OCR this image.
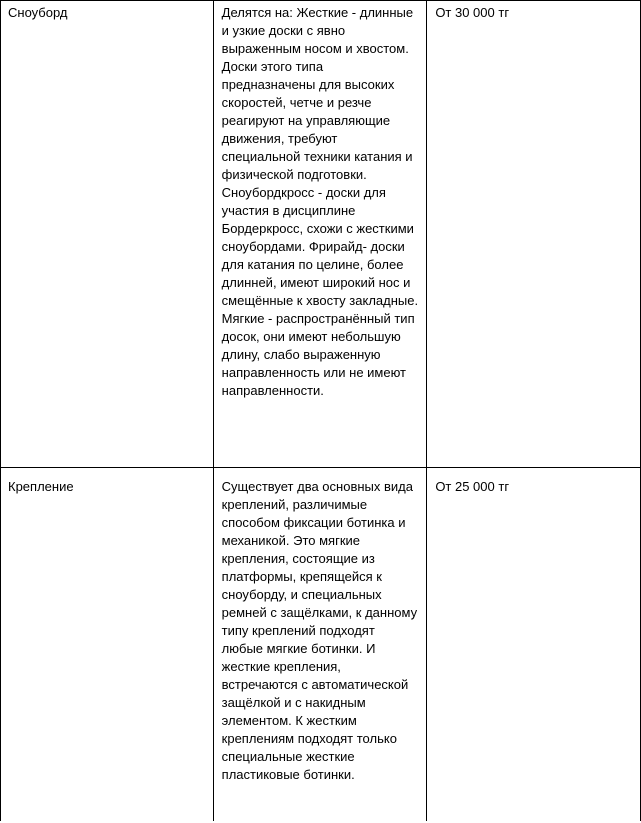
Сноуборд	Делятся на: Жесткие - длинные и узкие доски с явно выраженным носом и хвостом. Доски этого типа предназначены для высоких скоростей, четче и резче реагируют на управляющие движения, требуют специальной техники катания и физической подготовки. Сноубордкросс - доски для участия в дисциплине Бордеркросс, схожи с жесткими сноубордами. Фрирайд- доски для катания по целине, более длинней, имеют широкий нос и смещённые к хвосту закладные. Мягкие - распространённый тип досок, они имеют небольшую длину, слабо выраженную направленность или не имеют направленности.	От 30 000 тг

Крепление	Существует два основных вида креплений, различимые способом фиксации ботинка и механикой. Это мягкие крепления, состоящие из платформы, крепящейся к сноуборду, и специальных ремней с защёлками, к данному типу креплений подходят любые мягкие ботинки. И жесткие крепления, встречаются с автоматической защёлкой и с накидным элементом. К жестким креплениям подходят только специальные жесткие пластиковые ботинки.	От 25 000 тг
